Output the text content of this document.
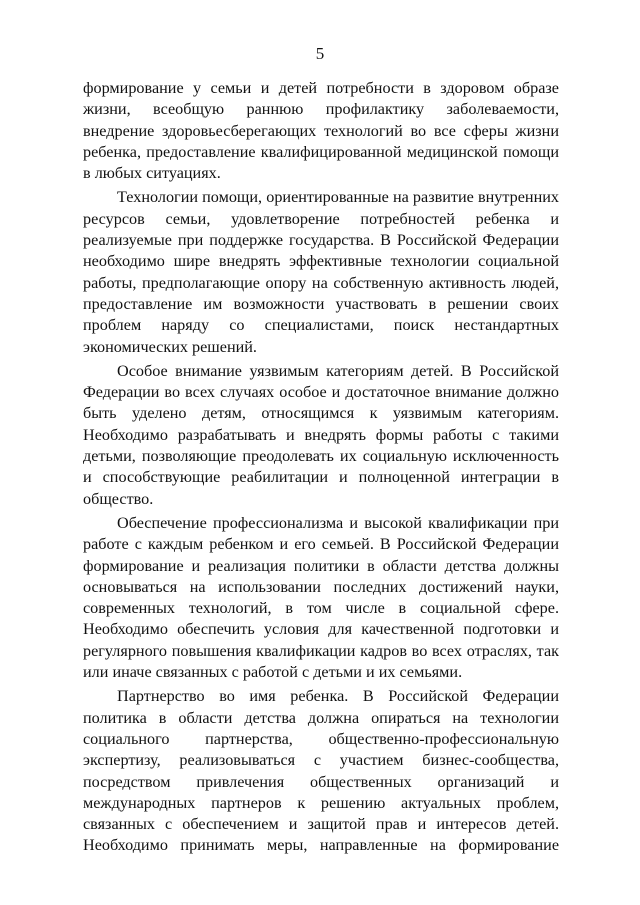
5

формирование у семьи и детей потребности в здоровом образе жизни, всеобщую раннюю профилактику заболеваемости, внедрение здоровьесберегающих технологий во все сферы жизни ребенка, предоставление квалифицированной медицинской помощи в любых ситуациях.

Технологии помощи, ориентированные на развитие внутренних ресурсов семьи, удовлетворение потребностей ребенка и реализуемые при поддержке государства. В Российской Федерации необходимо шире внедрять эффективные технологии социальной работы, предполагающие опору на собственную активность людей, предоставление им возможности участвовать в решении своих проблем наряду со специалистами, поиск нестандартных экономических решений.

Особое внимание уязвимым категориям детей. В Российской Федерации во всех случаях особое и достаточное внимание должно быть уделено детям, относящимся к уязвимым категориям. Необходимо разрабатывать и внедрять формы работы с такими детьми, позволяющие преодолевать их социальную исключенность и способствующие реабилитации и полноценной интеграции в общество.

Обеспечение профессионализма и высокой квалификации при работе с каждым ребенком и его семьей. В Российской Федерации формирование и реализация политики в области детства должны основываться на использовании последних достижений науки, современных технологий, в том числе в социальной сфере. Необходимо обеспечить условия для качественной подготовки и регулярного повышения квалификации кадров во всех отраслях, так или иначе связанных с работой с детьми и их семьями.

Партнерство во имя ребенка. В Российской Федерации политика в области детства должна опираться на технологии социального партнерства, общественно-профессиональную экспертизу, реализовываться с участием бизнес-сообщества, посредством привлечения общественных организаций и международных партнеров к решению актуальных проблем, связанных с обеспечением и защитой прав и интересов детей. Необходимо принимать меры, направленные на формирование
